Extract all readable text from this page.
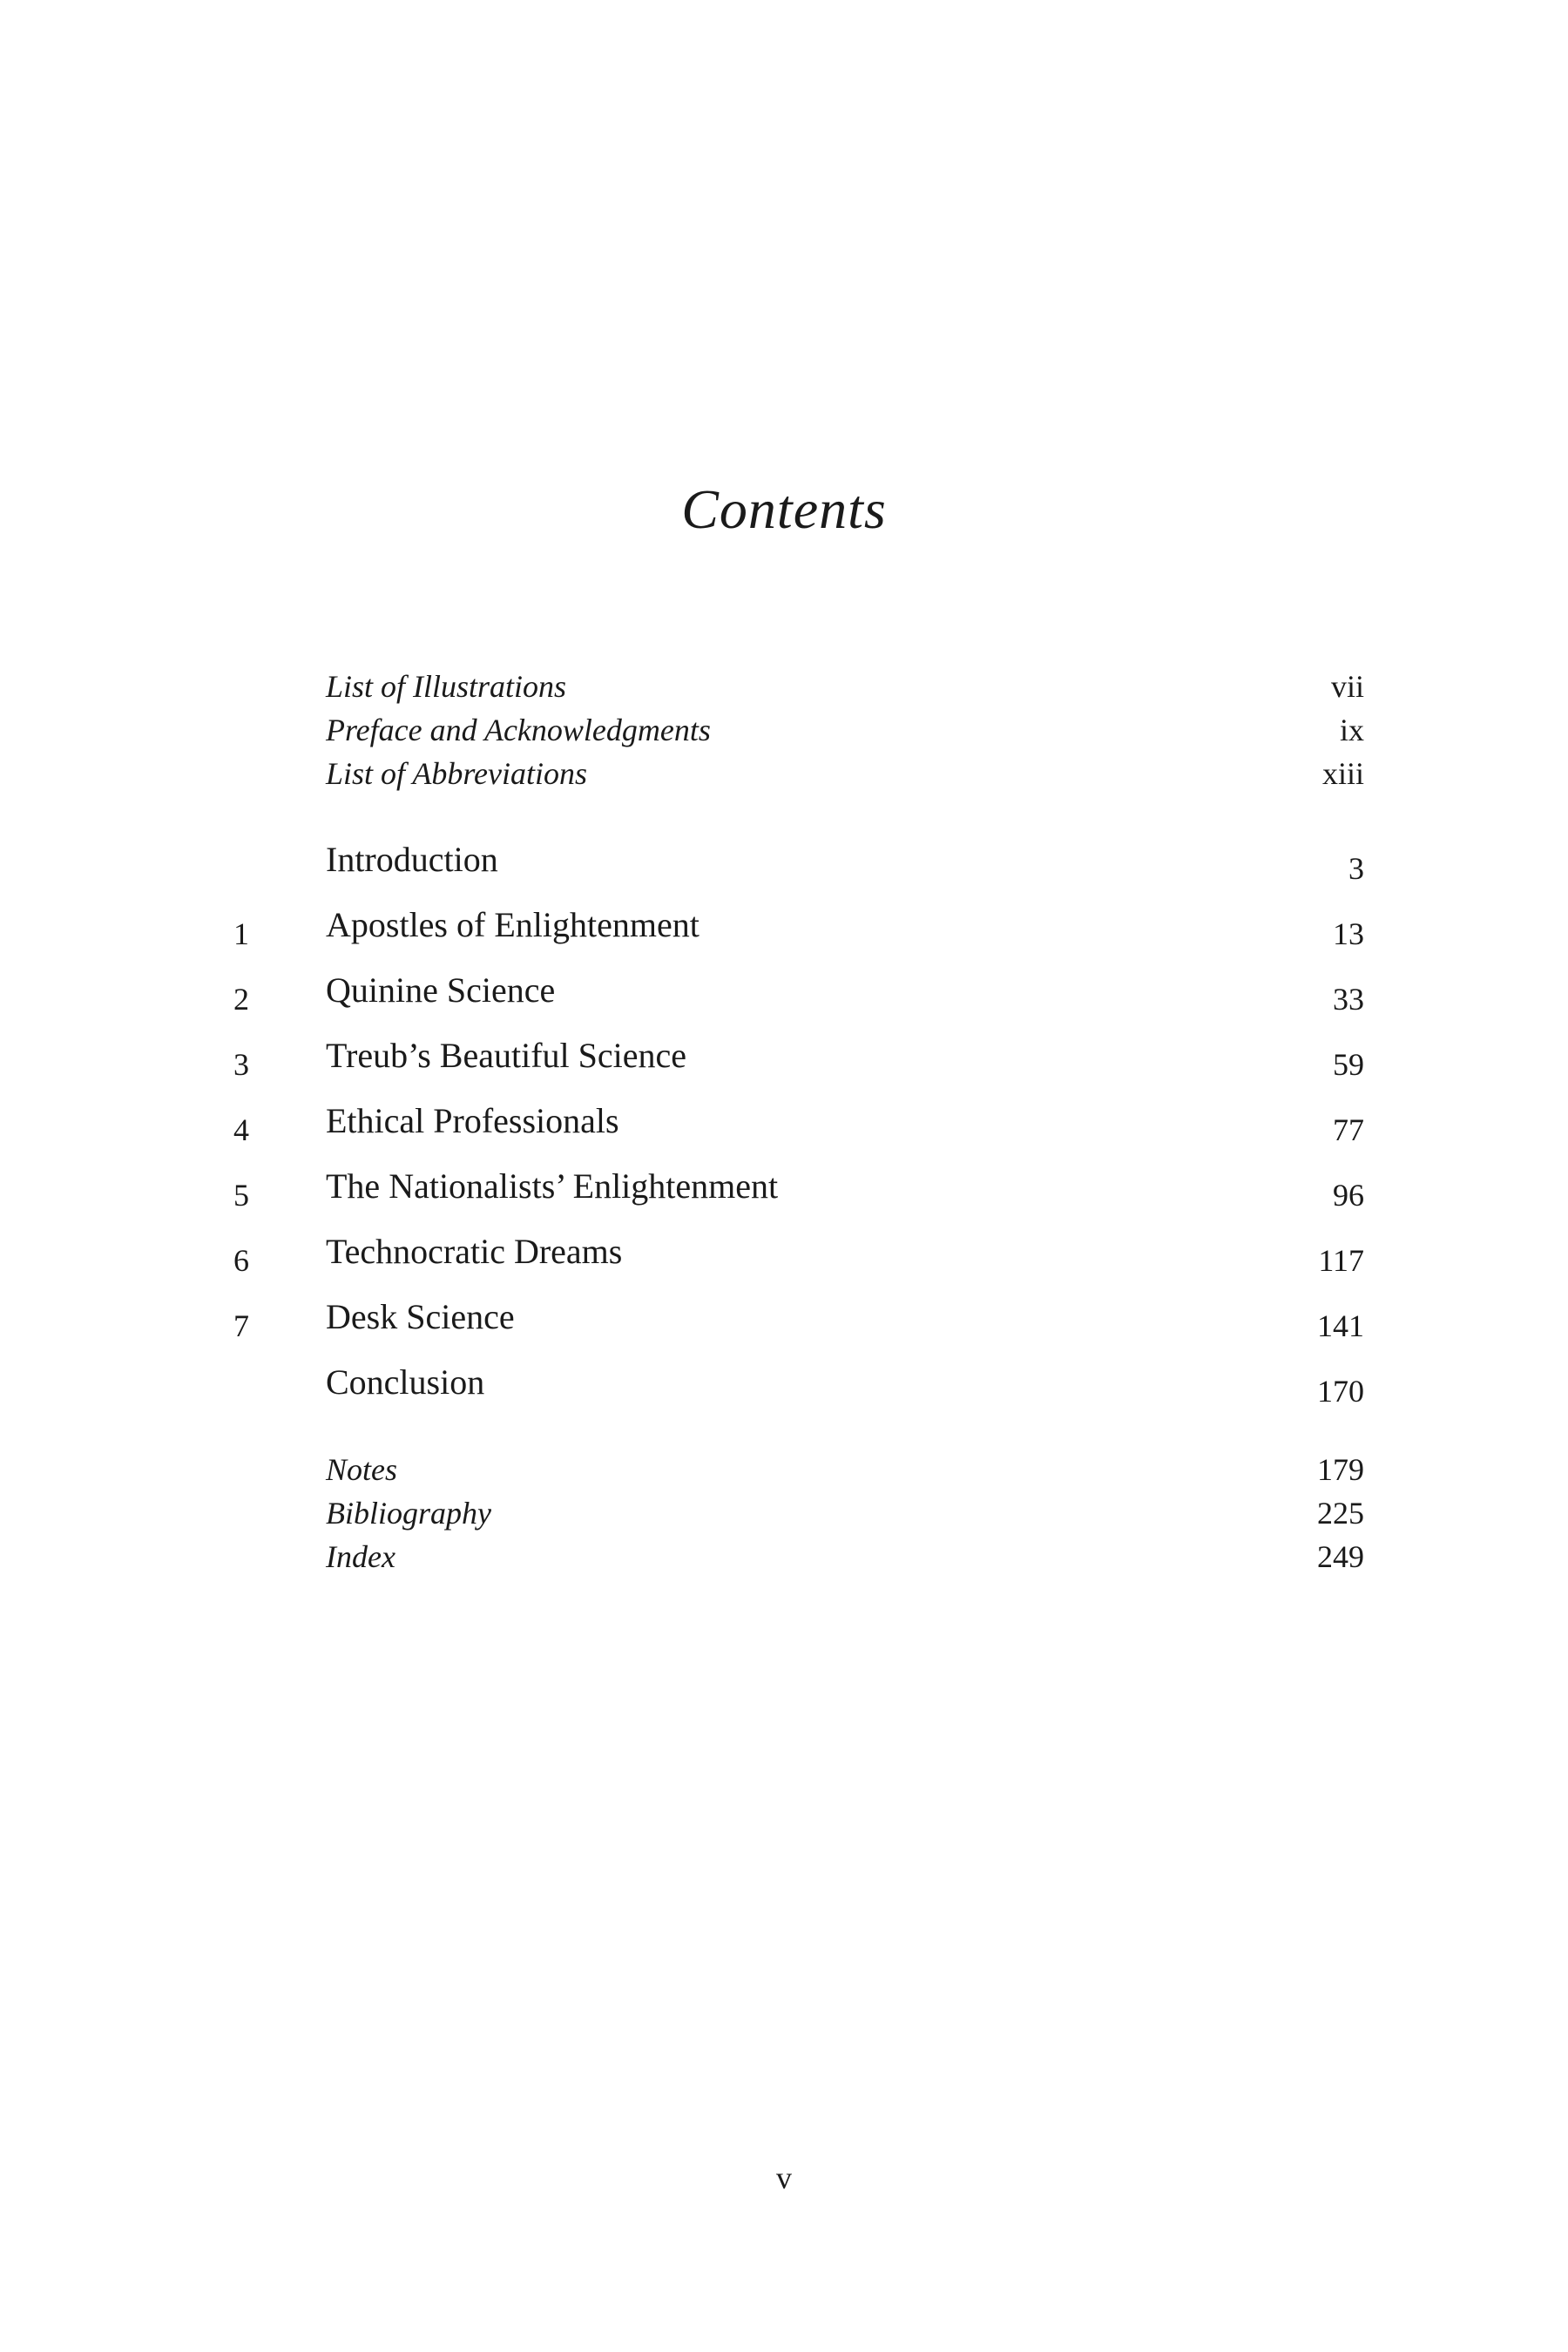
Contents
List of Illustrations	vii
Preface and Acknowledgments	ix
List of Abbreviations	xiii
Introduction	3
1	Apostles of Enlightenment	13
2	Quinine Science	33
3	Treub’s Beautiful Science	59
4	Ethical Professionals	77
5	The Nationalists’ Enlightenment	96
6	Technocratic Dreams	117
7	Desk Science	141
Conclusion	170
Notes	179
Bibliography	225
Index	249
v
